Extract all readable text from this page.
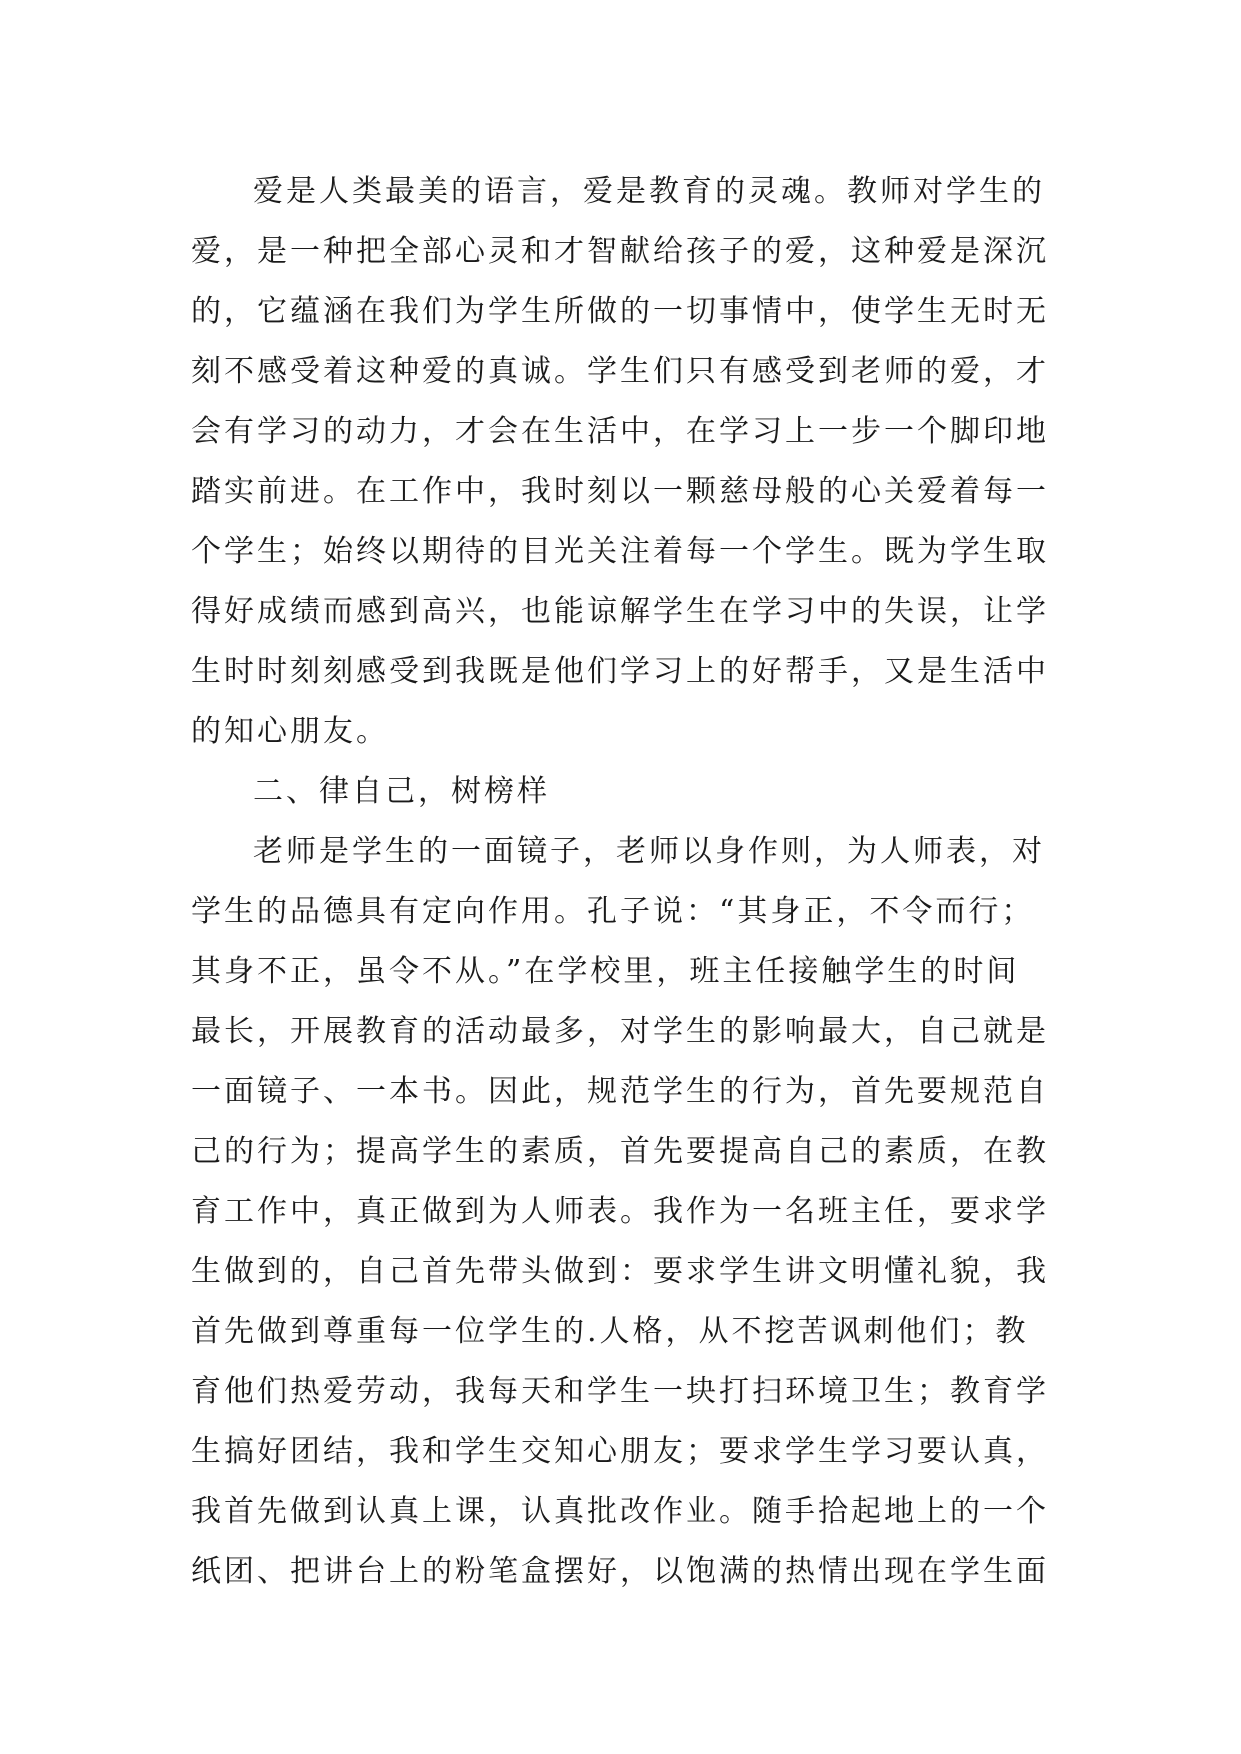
爱是人类最美的语言，爱是教育的灵魂。教师对学生的
爱，是一种把全部心灵和才智献给孩子的爱，这种爱是深沉
的，它蕴涵在我们为学生所做的一切事情中，使学生无时无
刻不感受着这种爱的真诚。学生们只有感受到老师的爱，才
会有学习的动力，才会在生活中，在学习上一步一个脚印地
踏实前进。在工作中，我时刻以一颗慈母般的心关爱着每一
个学生；始终以期待的目光关注着每一个学生。既为学生取
得好成绩而感到高兴，也能谅解学生在学习中的失误，让学
生时时刻刻感受到我既是他们学习上的好帮手，又是生活中
的知心朋友。
二、律自己，树榜样
老师是学生的一面镜子，老师以身作则，为人师表，对
学生的品德具有定向作用。孔子说：“其身正，不令而行；
其身不正，虽令不从。”在学校里，班主任接触学生的时间
最长，开展教育的活动最多，对学生的影响最大，自己就是
一面镜子、一本书。因此，规范学生的行为，首先要规范自
己的行为；提高学生的素质，首先要提高自己的素质，在教
育工作中，真正做到为人师表。我作为一名班主任，要求学
生做到的，自己首先带头做到：要求学生讲文明懂礼貌，我
首先做到尊重每一位学生的.人格，从不挖苦讽刺他们；教
育他们热爱劳动，我每天和学生一块打扫环境卫生；教育学
生搞好团结，我和学生交知心朋友；要求学生学习要认真，
我首先做到认真上课，认真批改作业。随手拾起地上的一个
纸团、把讲台上的粉笔盒摆好，以饱满的热情出现在学生面
